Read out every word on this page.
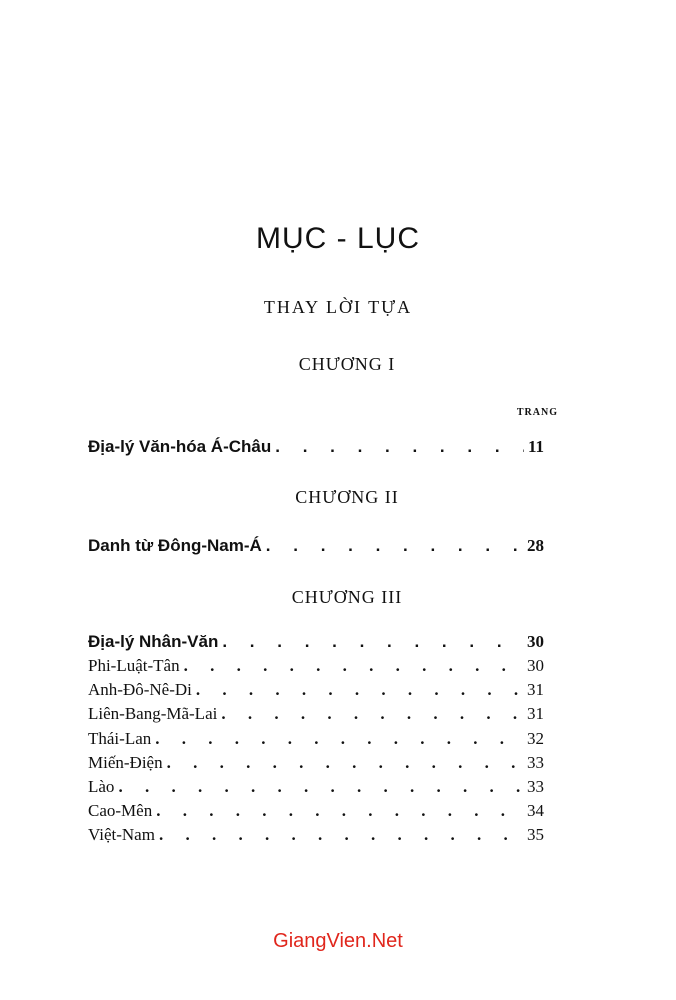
MỤC - LỤC
THAY LỜI TỰA
CHƯƠNG I
TRANG
Địa-lý Văn-hóa Á-Châu . . .	11
CHƯƠNG II
Danh từ Đông-Nam-Á . . .	28
CHƯƠNG III
Địa-lý Nhân-Văn . . .	30
Phi-Luật-Tân . . .	30
Anh-Đô-Nê-Di . . .	31
Liên-Bang-Mã-Lai . . .	31
Thái-Lan . . .	32
Miến-Điện . . .	33
Lào . . .	33
Cao-Mên . . .	34
Việt-Nam . . .	35
GiangVien.Net
